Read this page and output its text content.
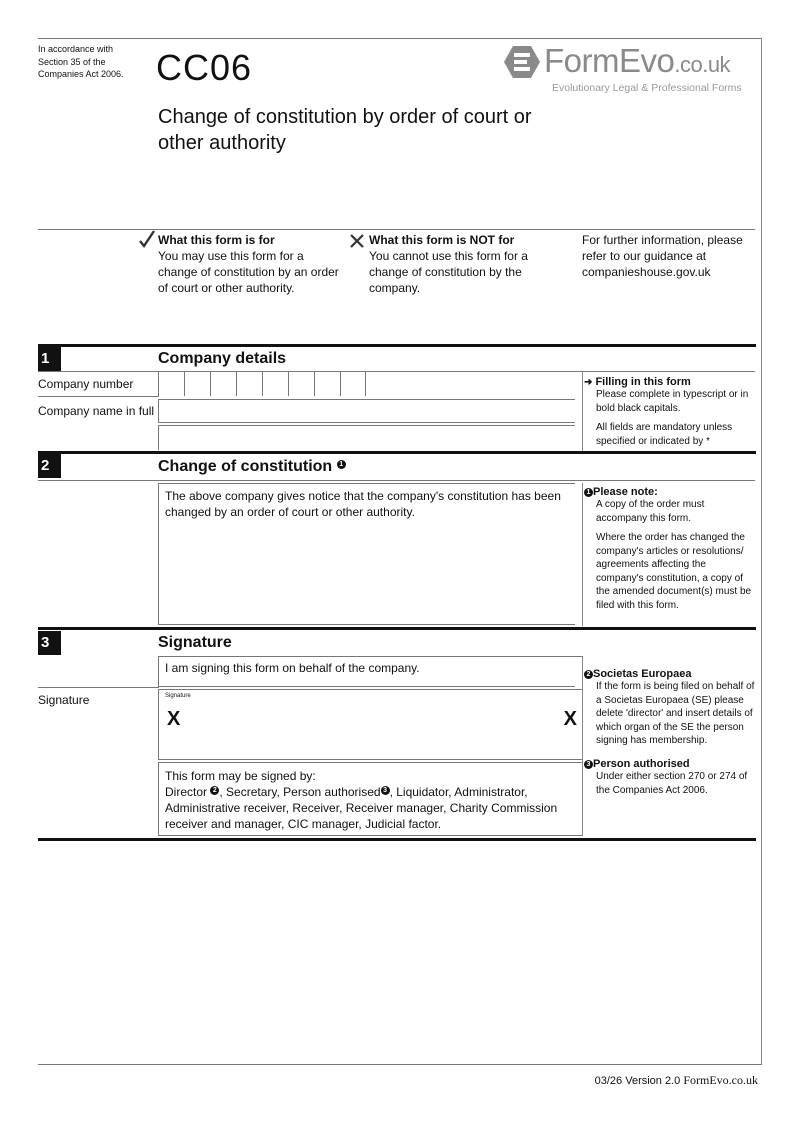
In accordance with
Section 35 of the
Companies Act 2006. CC06	FormEvo.co.uk
Evolutionary Legal & Professional Forms
Change of constitution by order of court or other authority
What this form is for
You may use this form for a change of constitution by an order of court or other authority.
What this form is NOT for
You cannot use this form for a change of constitution by the company.
For further information, please refer to our guidance at companieshouse.gov.uk
1	Company details
Company number
Company name in full
➜ Filling in this form

Please complete in typescript or in bold black capitals.

All fields are mandatory unless specified or indicated by *

2	Change of constitution 1
The above company gives notice that the company's constitution has been changed by an order of court or other authority.
1 Please note:

A copy of the order must accompany this form.

Where the order has changed the company's articles or resolutions/ agreements affecting the company's constitution, a copy of the amended document(s) must be filed with this form.

3	Signature
I am signing this form on behalf of the company.
Signature	Signature
X	X
This form may be signed by:
Director 2 , Secretary, Person authorised 3 , Liquidator, Administrator, Administrative receiver, Receiver, Receiver manager, Charity Commission receiver and manager, CIC manager, Judicial factor.
2 Societas Europaea

If the form is being filed on behalf of a Societas Europaea (SE) please delete 'director' and insert details of which organ of the SE the person signing has membership.

3 Person authorised

Under either section 270 or 274 of the Companies Act 2006.

03/26 Version 2.0 FormEvo.co.uk
